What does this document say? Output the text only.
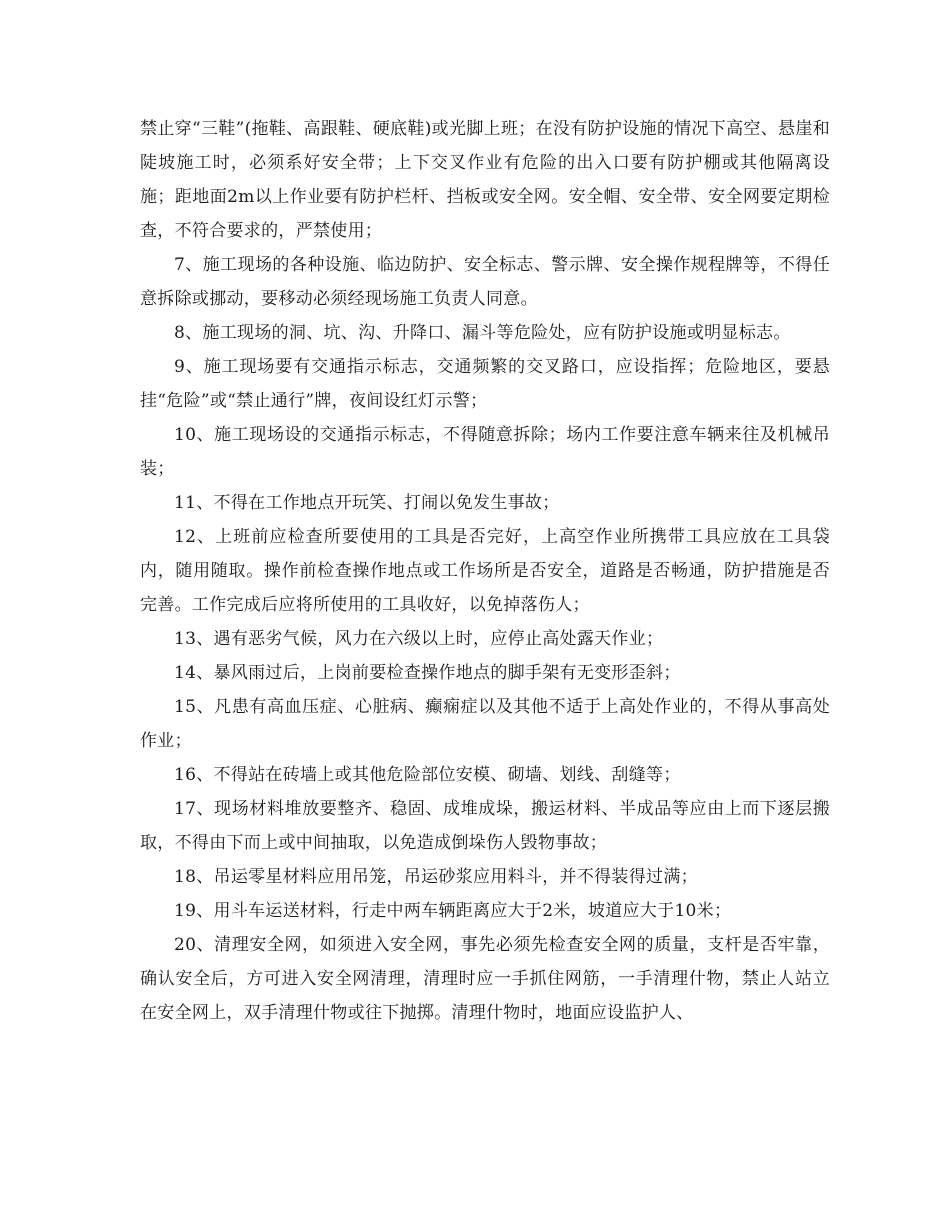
禁止穿“三鞋”(拖鞋、高跟鞋、硬底鞋)或光脚上班；在没有防护设施的情况下高空、悬崖和陡坡施工时，必须系好安全带；上下交叉作业有危险的出入口要有防护棚或其他隔离设施；距地面2m以上作业要有防护栏杆、挡板或安全网。安全帽、安全带、安全网要定期检查，不符合要求的，严禁使用；

7、施工现场的各种设施、临边防护、安全标志、警示牌、安全操作规程牌等，不得任意拆除或挪动，要移动必须经现场施工负责人同意。

8、施工现场的洞、坑、沟、升降口、漏斗等危险处，应有防护设施或明显标志。

9、施工现场要有交通指示标志，交通频繁的交叉路口，应设指挥；危险地区，要悬挂“危险”或“禁止通行”牌，夜间设红灯示警；

10、施工现场设的交通指示标志，不得随意拆除；场内工作要注意车辆来往及机械吊装；

11、不得在工作地点开玩笑、打闹以免发生事故；

12、上班前应检查所要使用的工具是否完好，上高空作业所携带工具应放在工具袋内，随用随取。操作前检查操作地点或工作场所是否安全，道路是否畅通，防护措施是否完善。工作完成后应将所使用的工具收好，以免掉落伤人；

13、遇有恶劣气候，风力在六级以上时，应停止高处露天作业；

14、暴风雨过后，上岗前要检查操作地点的脚手架有无变形歪斜；

15、凡患有高血压症、心脏病、癫痫症以及其他不适于上高处作业的，不得从事高处作业；

16、不得站在砖墙上或其他危险部位安模、砌墙、划线、刮缝等；

17、现场材料堆放要整齐、稳固、成堆成垛，搬运材料、半成品等应由上而下逐层搬取，不得由下而上或中间抽取，以免造成倒垛伤人毁物事故；

18、吊运零星材料应用吊笼，吊运砂浆应用料斗，并不得装得过满；

19、用斗车运送材料，行走中两车辆距离应大于2米，坡道应大于10米；

20、清理安全网，如须进入安全网，事先必须先检查安全网的质量，支杆是否牢靠，确认安全后，方可进入安全网清理，清理时应一手抓住网筋，一手清理什物，禁止人站立在安全网上，双手清理什物或往下抛掷。清理什物时，地面应设监护人、
